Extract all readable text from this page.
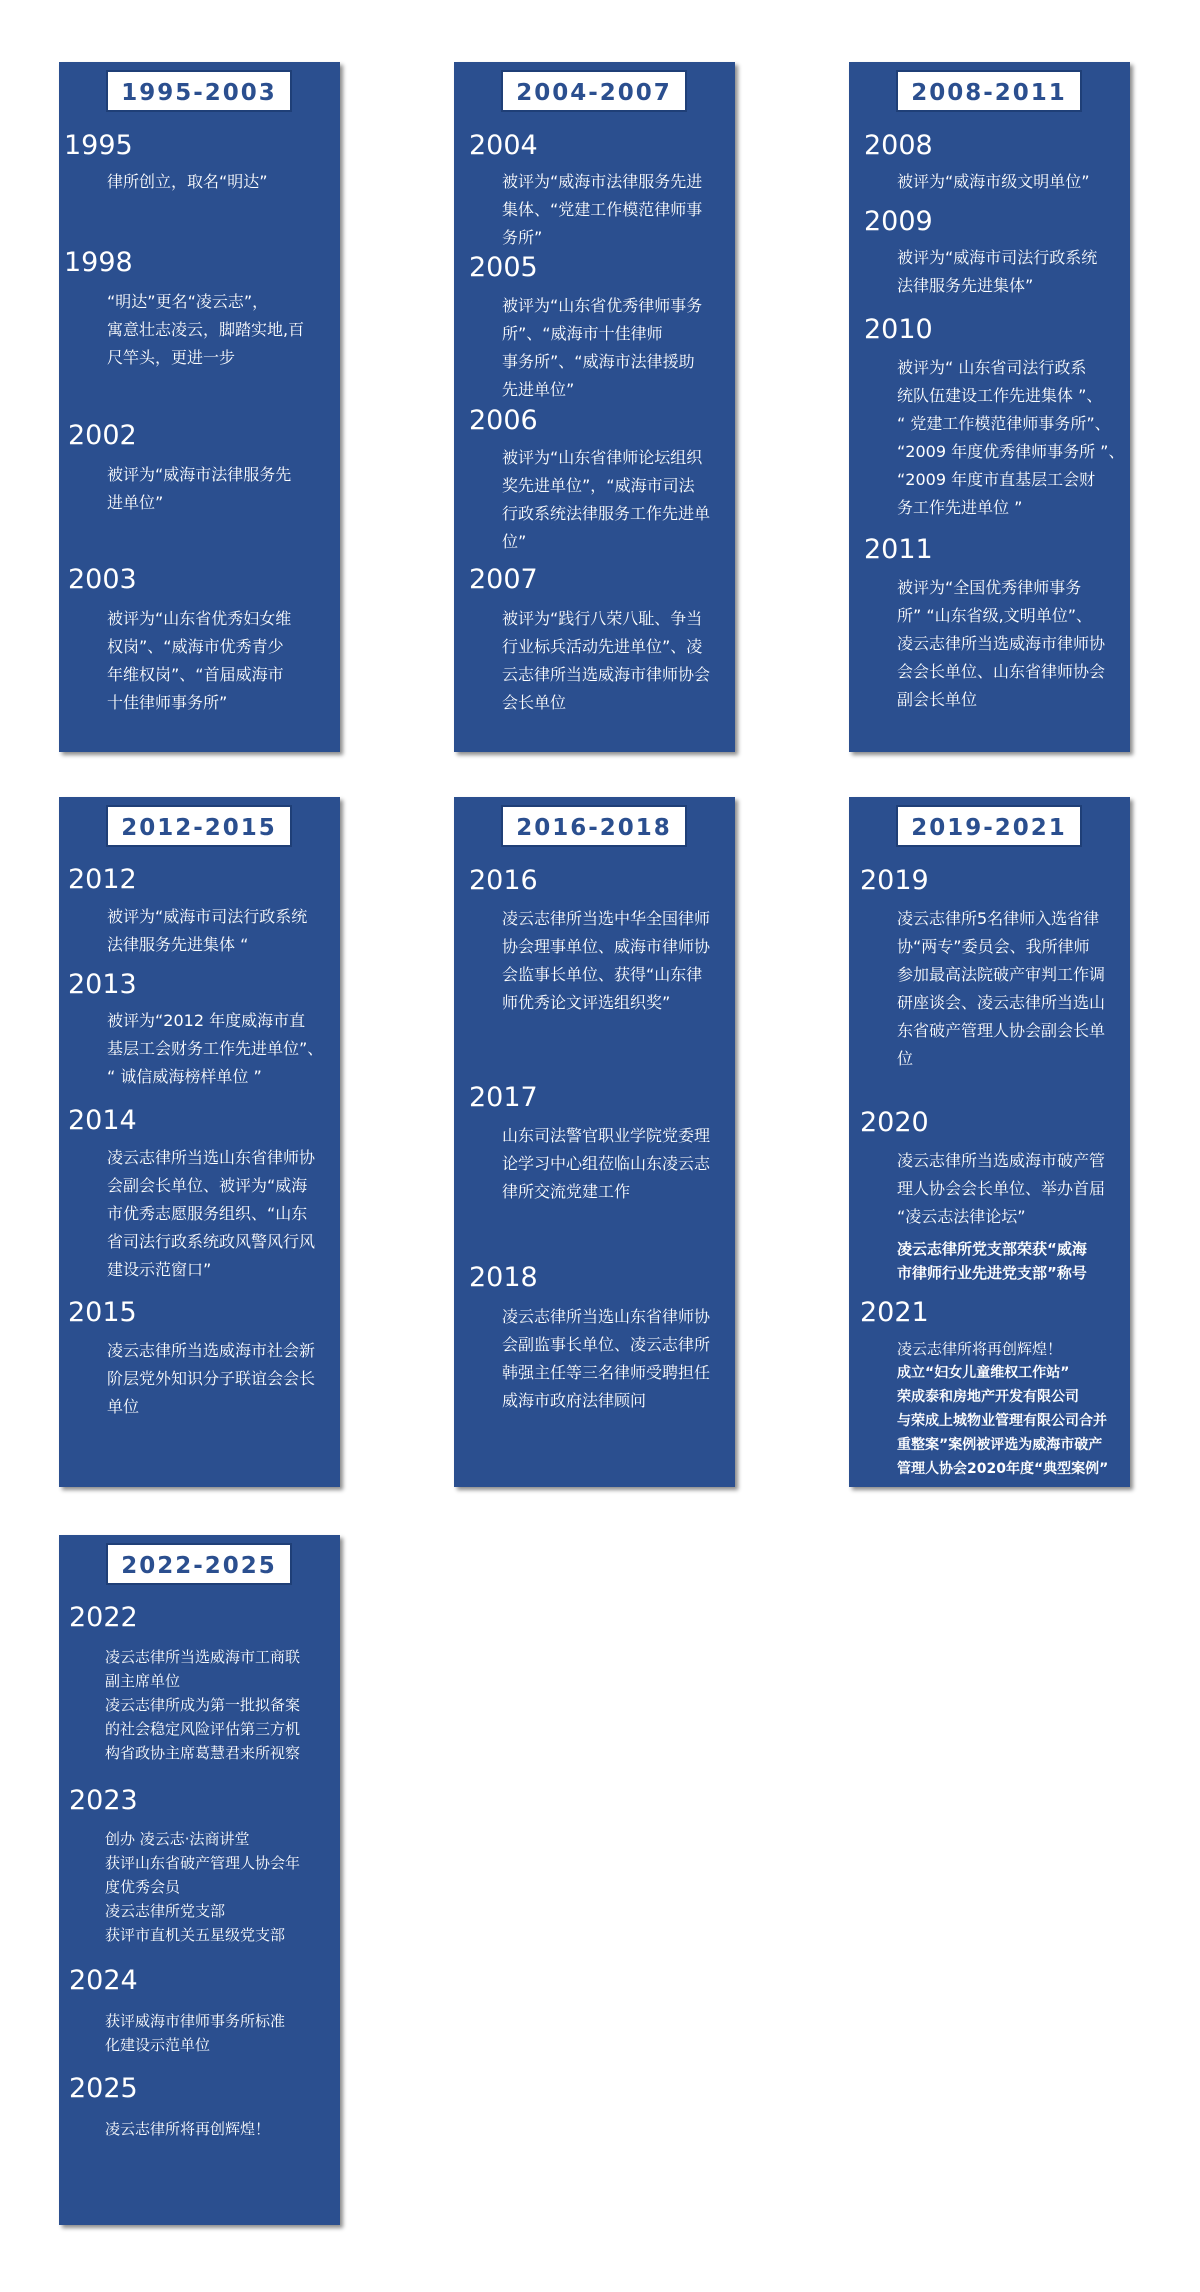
1995-2003
1995
律所创立，取名“明达”
1998
“明达”更名“凌云志”，
寓意壮志凌云，脚踏实地,百
尺竿头，更进一步
2002
被评为“威海市法律服务先
进单位”
2003
被评为“山东省优秀妇女维
权岗”、“威海市优秀青少
年维权岗”、“首届威海市
十佳律师事务所”
2004-2007
2004
被评为“威海市法律服务先进
集体、“党建工作模范律师事
务所”
2005
被评为“山东省优秀律师事务
所”、“威海市十佳律师
事务所”、“威海市法律援助
先进单位”
2006
被评为“山东省律师论坛组织
奖先进单位”，“威海市司法
行政系统法律服务工作先进单
位”
2007
被评为“践行八荣八耻、争当
行业标兵活动先进单位”、凌
云志律所当选威海市律师协会
会长单位
2008-2011
2008
被评为“威海市级文明单位”
2009
被评为“威海市司法行政系统
法律服务先进集体”
2010
被评为“ 山东省司法行政系
统队伍建设工作先进集体 ”、
“ 党建工作模范律师事务所”、
“2009 年度优秀律师事务所 ”、
“2009 年度市直基层工会财
务工作先进单位 ”
2011
被评为“全国优秀律师事务
所” “山东省级,文明单位”、
凌云志律所当选威海市律师协
会会长单位、山东省律师协会
副会长单位
2012-2015
2012
被评为“威海市司法行政系统
法律服务先进集体 “
2013
被评为“2012 年度威海市直
基层工会财务工作先进单位”、
“ 诚信威海榜样单位 ”
2014
凌云志律所当选山东省律师协
会副会长单位、被评为“威海
市优秀志愿服务组织、“山东
省司法行政系统政风警风行风
建设示范窗口”
2015
凌云志律所当选威海市社会新
阶层党外知识分子联谊会会长
单位
2016-2018
2016
凌云志律所当选中华全国律师
协会理事单位、威海市律师协
会监事长单位、获得“山东律
师优秀论文评选组织奖”
2017
山东司法警官职业学院党委理
论学习中心组莅临山东凌云志
律所交流党建工作
2018
凌云志律所当选山东省律师协
会副监事长单位、凌云志律所
韩强主任等三名律师受聘担任
威海市政府法律顾问
2019-2021
2019
凌云志律所5名律师入选省律
协“两专”委员会、我所律师
参加最高法院破产审判工作调
研座谈会、凌云志律所当选山
东省破产管理人协会副会长单
位
2020
凌云志律所当选威海市破产管
理人协会会长单位、举办首届
“凌云志法律论坛”
凌云志律所党支部荣获“威海
市律师行业先进党支部”称号
2021
凌云志律所将再创辉煌！
成立“妇女儿童维权工作站”
荣成泰和房地产开发有限公司
与荣成上城物业管理有限公司合并
重整案”案例被评选为威海市破产
管理人协会2020年度“典型案例”
2022-2025
2022
凌云志律所当选威海市工商联
副主席单位
凌云志律所成为第一批拟备案
的社会稳定风险评估第三方机
构省政协主席葛慧君来所视察
2023
创办 凌云志·法商讲堂
获评山东省破产管理人协会年
度优秀会员
凌云志律所党支部
获评市直机关五星级党支部
2024
获评威海市律师事务所标准
化建设示范单位
2025
凌云志律所将再创辉煌！
